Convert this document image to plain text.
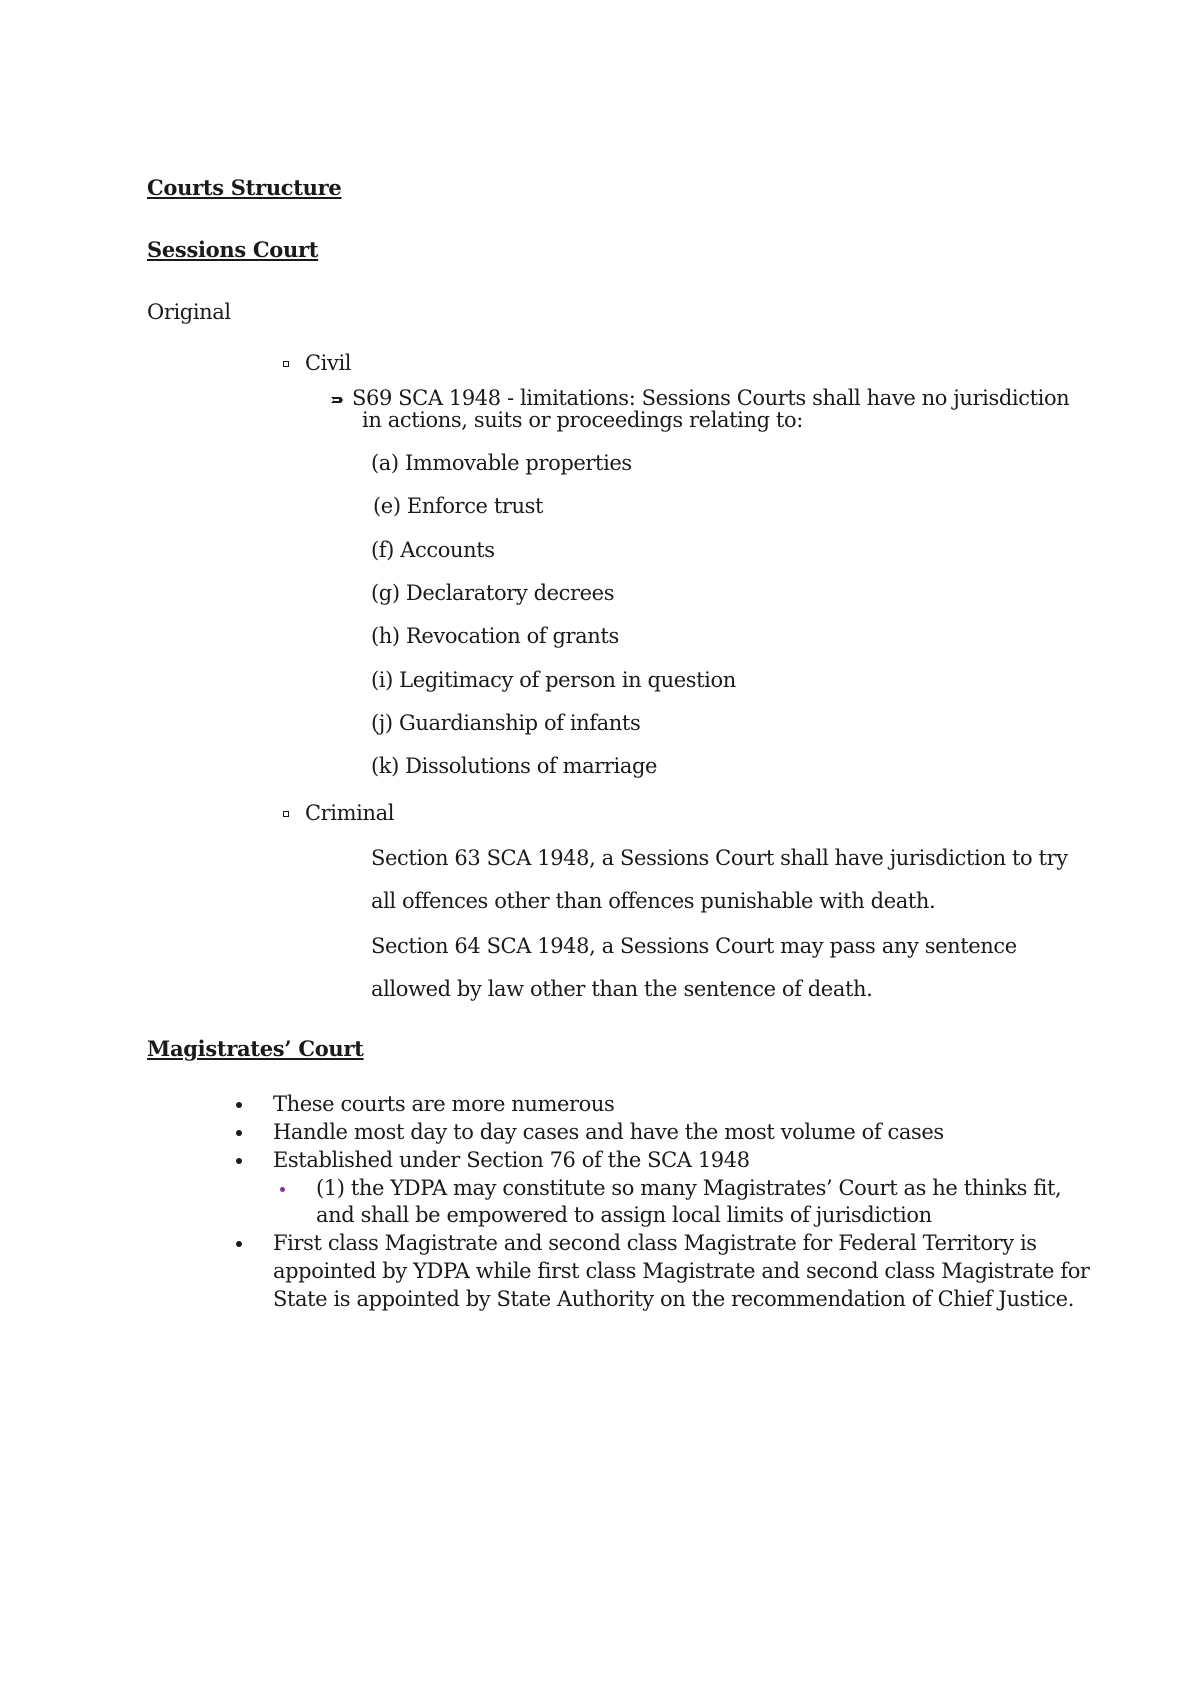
Courts Structure
Sessions Court
Original
Civil
S69 SCA 1948 - limitations: Sessions Courts shall have no jurisdiction
in actions, suits or proceedings relating to:
(a) Immovable properties
(e) Enforce trust
(f) Accounts
(g) Declaratory decrees
(h) Revocation of grants
(i) Legitimacy of person in question
(j) Guardianship of infants
(k) Dissolutions of marriage
Criminal
Section 63 SCA 1948, a Sessions Court shall have jurisdiction to try
all offences other than offences punishable with death.
Section 64 SCA 1948, a Sessions Court may pass any sentence
allowed by law other than the sentence of death.
Magistrates’ Court
These courts are more numerous
Handle most day to day cases and have the most volume of cases
Established under Section 76 of the SCA 1948
(1) the YDPA may constitute so many Magistrates’ Court as he thinks fit,
and shall be empowered to assign local limits of jurisdiction
First class Magistrate and second class Magistrate for Federal Territory is
appointed by YDPA while first class Magistrate and second class Magistrate for
State is appointed by State Authority on the recommendation of Chief Justice.
